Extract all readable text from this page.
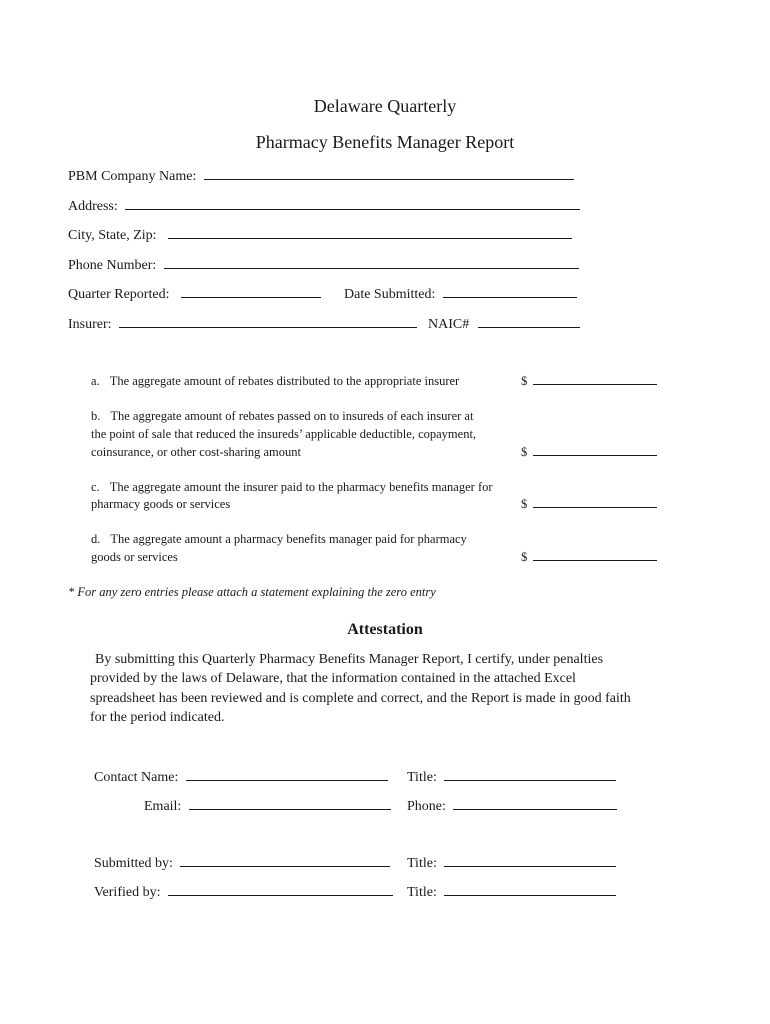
Delaware Quarterly
Pharmacy Benefits Manager Report
PBM Company Name:
Address:
City, State, Zip:
Phone Number:
Quarter Reported:	Date Submitted:
Insurer:	NAIC#
a. The aggregate amount of rebates distributed to the appropriate insurer	$
b. The aggregate amount of rebates passed on to insureds of each insurer at
the point of sale that reduced the insureds’ applicable deductible, copayment,
coinsurance, or other cost-sharing amount	$
c. The aggregate amount the insurer paid to the pharmacy benefits manager for
pharmacy goods or services	$
d. The aggregate amount a pharmacy benefits manager paid for pharmacy
goods or services	$
* For any zero entries please attach a statement explaining the zero entry
Attestation
By submitting this Quarterly Pharmacy Benefits Manager Report, I certify, under penalties
provided by the laws of Delaware, that the information contained in the attached Excel
spreadsheet has been reviewed and is complete and correct, and the Report is made in good faith
for the period indicated.
Contact Name:	Title:
Email:	Phone:
Submitted by:	Title:
Verified by:	Title:
